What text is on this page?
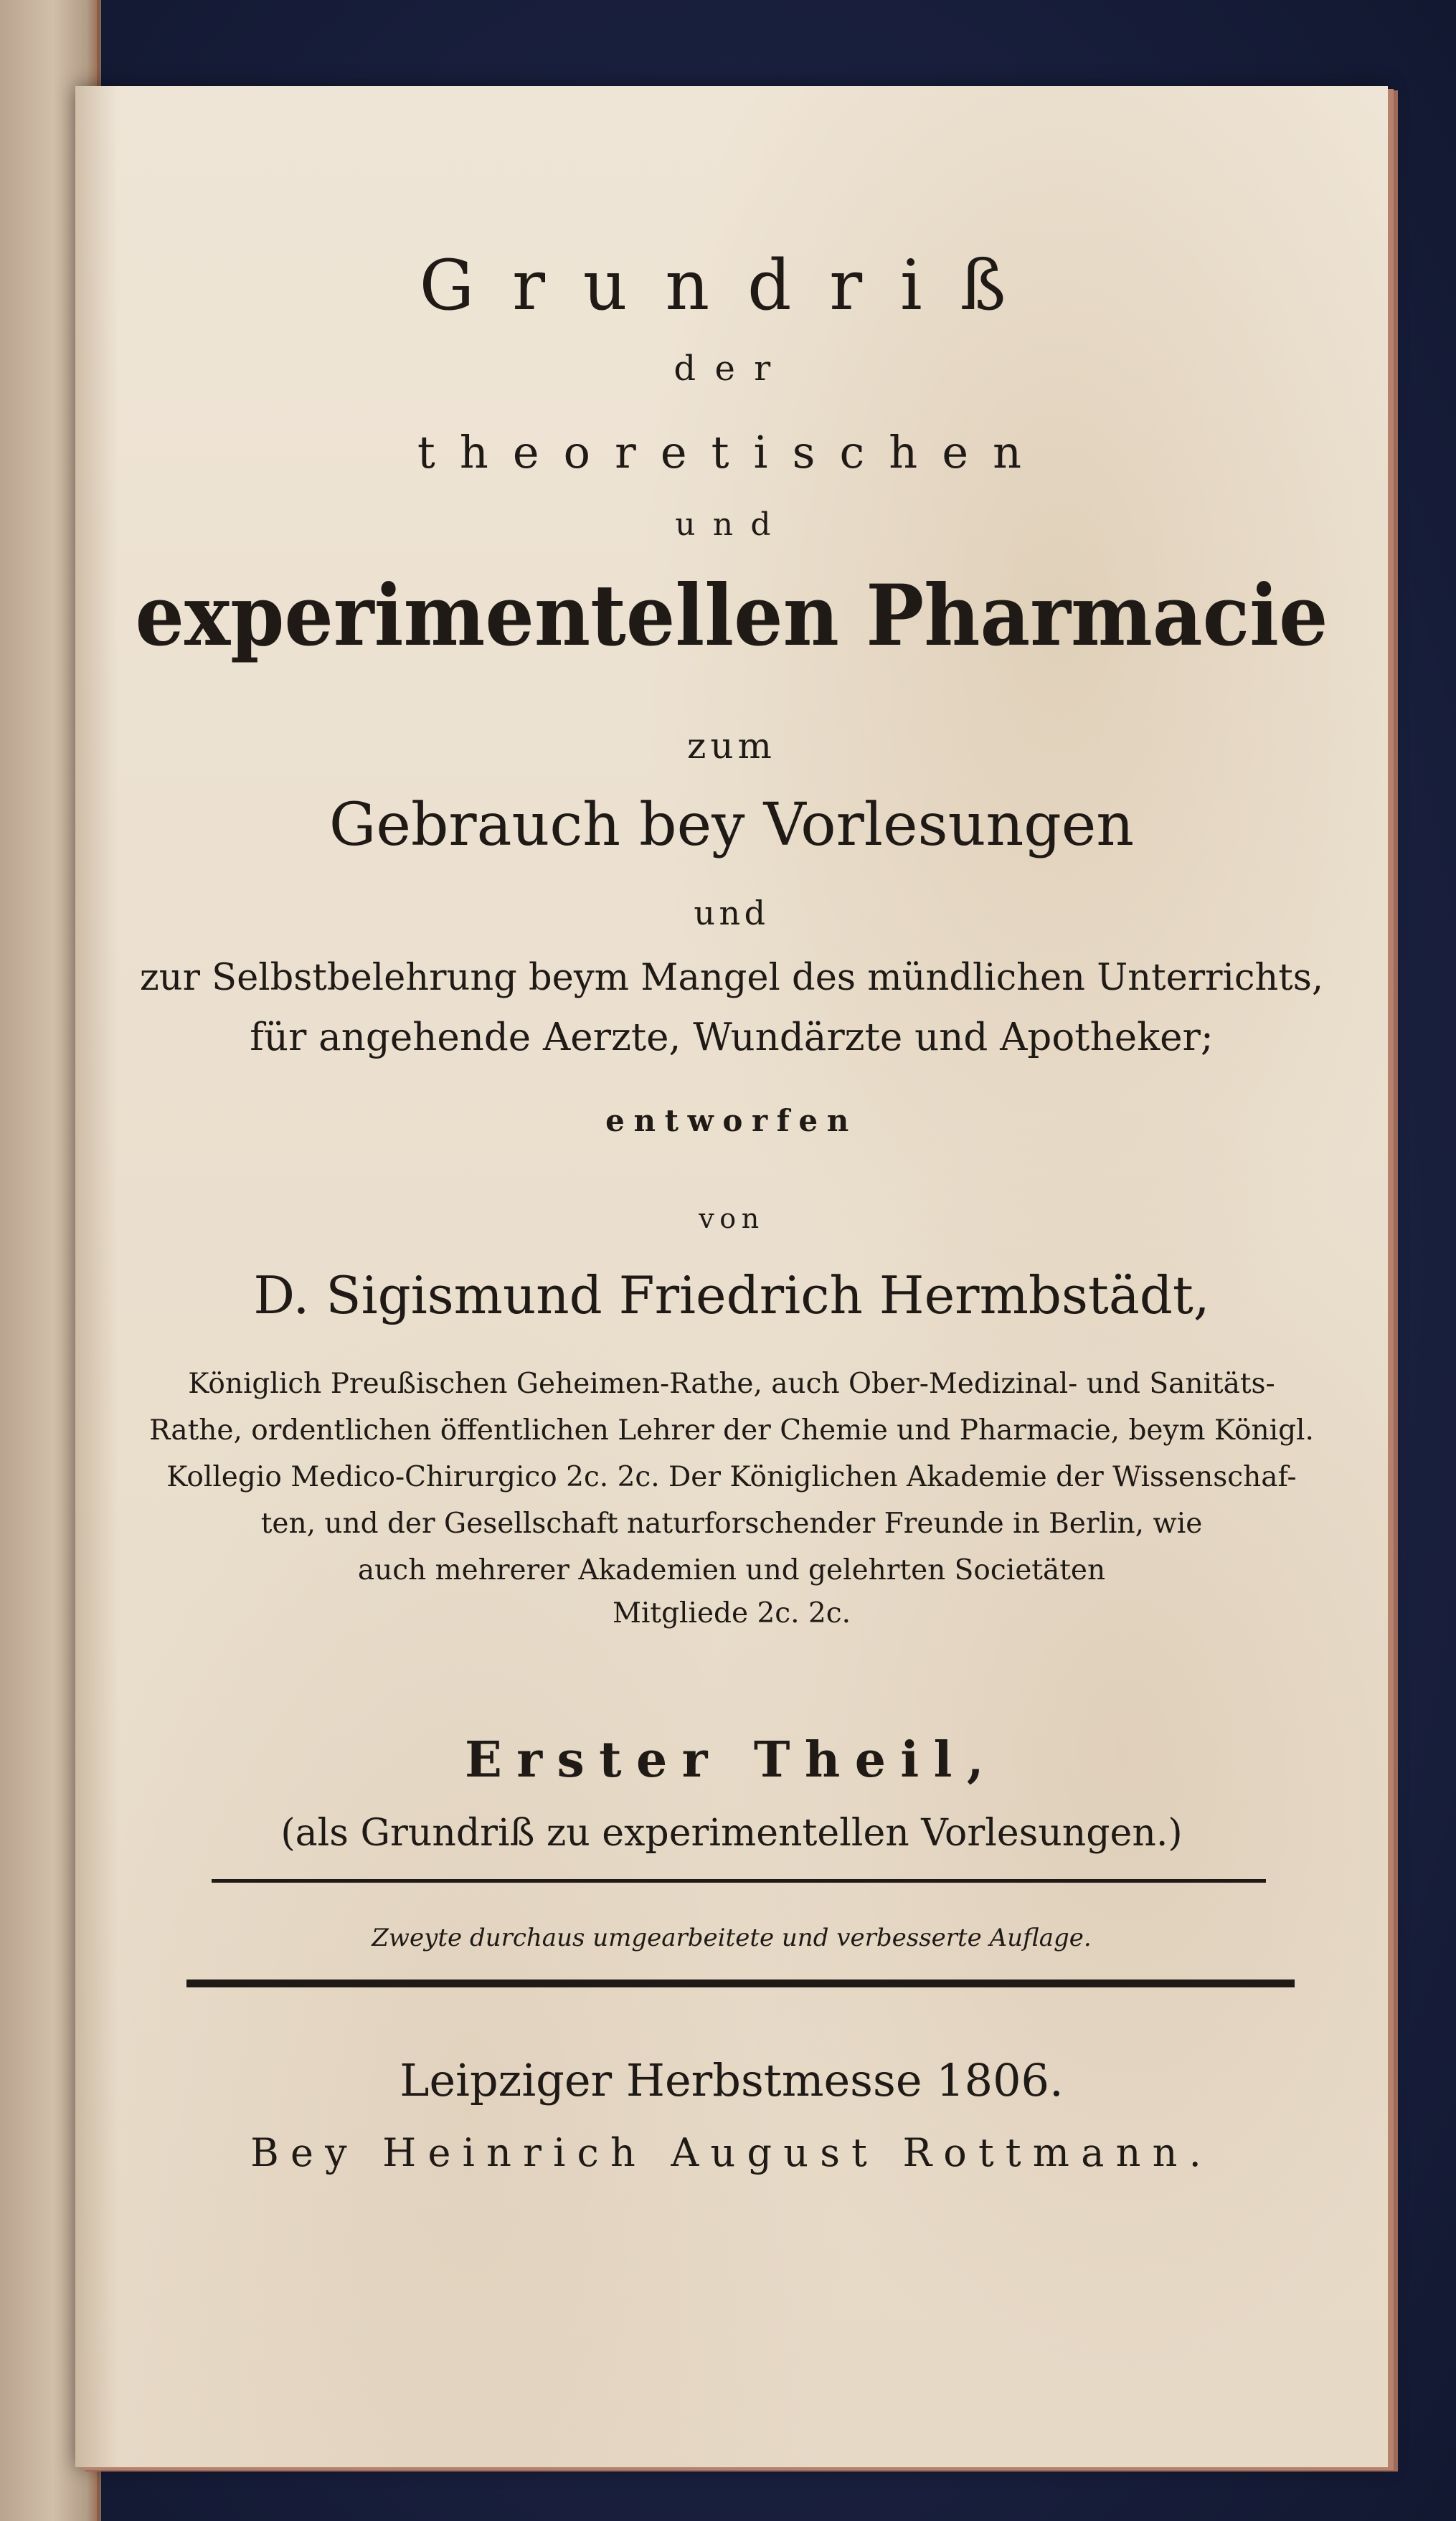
Grundriß
der
theoretischen
und
experimentellen Pharmacie
zum
Gebrauch bey Vorlesungen
und
zur Selbstbelehrung beym Mangel des mündlichen Unterrichts,
für angehende Aerzte, Wundärzte und Apotheker;
entworfen
von
D. Sigismund Friedrich Hermbstädt,
Königlich Preußischen Geheimen-Rathe, auch Ober-Medizinal- und Sanitäts-
Rathe, ordentlichen öffentlichen Lehrer der Chemie und Pharmacie, beym Königl.
Kollegio Medico-Chirurgico 2c. 2c. Der Königlichen Akademie der Wissenschaf-
ten, und der Gesellschaft naturforschender Freunde in Berlin, wie
auch mehrerer Akademien und gelehrten Societäten
Mitgliede 2c. 2c.
Erster Theil,
(als Grundriß zu experimentellen Vorlesungen.)
Zweyte durchaus umgearbeitete und verbesserte Auflage.
Leipziger Herbstmesse 1806.
Bey Heinrich August Rottmann.
